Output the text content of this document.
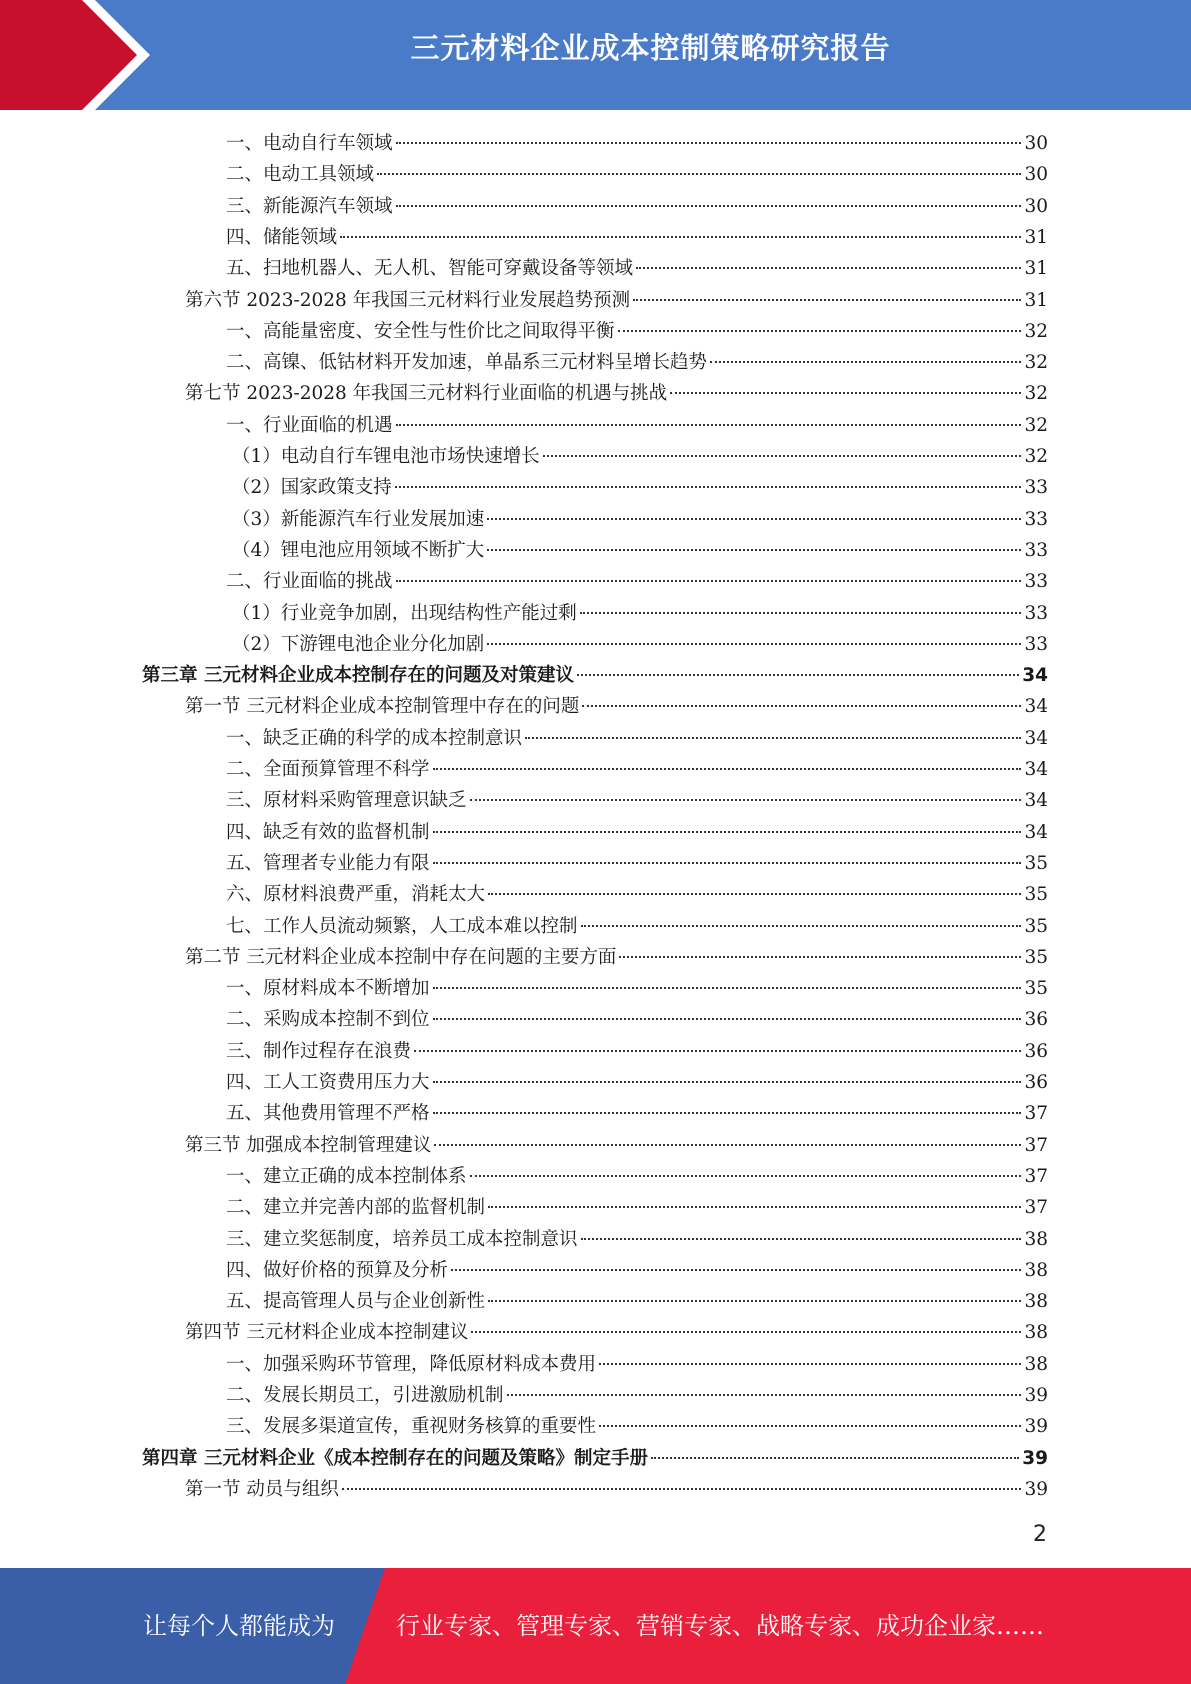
三元材料企业成本控制策略研究报告
一、电动自行车领域	30
二、电动工具领域	30
三、新能源汽车领域	30
四、储能领域	31
五、扫地机器人、无人机、智能可穿戴设备等领域	31
第六节 2023-2028 年我国三元材料行业发展趋势预测	31
一、高能量密度、安全性与性价比之间取得平衡	32
二、高镍、低钴材料开发加速，单晶系三元材料呈增长趋势	32
第七节 2023-2028 年我国三元材料行业面临的机遇与挑战	32
一、行业面临的机遇	32
（1）电动自行车锂电池市场快速增长	32
（2）国家政策支持	33
（3）新能源汽车行业发展加速	33
（4）锂电池应用领域不断扩大	33
二、行业面临的挑战	33
（1）行业竞争加剧，出现结构性产能过剩	33
（2）下游锂电池企业分化加剧	33
第三章 三元材料企业成本控制存在的问题及对策建议	34
第一节 三元材料企业成本控制管理中存在的问题	34
一、缺乏正确的科学的成本控制意识	34
二、全面预算管理不科学	34
三、原材料采购管理意识缺乏	34
四、缺乏有效的监督机制	34
五、管理者专业能力有限	35
六、原材料浪费严重，消耗太大	35
七、工作人员流动频繁，人工成本难以控制	35
第二节 三元材料企业成本控制中存在问题的主要方面	35
一、原材料成本不断增加	35
二、采购成本控制不到位	36
三、制作过程存在浪费	36
四、工人工资费用压力大	36
五、其他费用管理不严格	37
第三节 加强成本控制管理建议	37
一、建立正确的成本控制体系	37
二、建立并完善内部的监督机制	37
三、建立奖惩制度，培养员工成本控制意识	38
四、做好价格的预算及分析	38
五、提高管理人员与企业创新性	38
第四节 三元材料企业成本控制建议	38
一、加强采购环节管理，降低原材料成本费用	38
二、发展长期员工，引进激励机制	39
三、发展多渠道宣传，重视财务核算的重要性	39
第四章 三元材料企业《成本控制存在的问题及策略》制定手册	39
第一节 动员与组织	39
2
让每个人都能成为	行业专家、管理专家、营销专家、战略专家、成功企业家……
